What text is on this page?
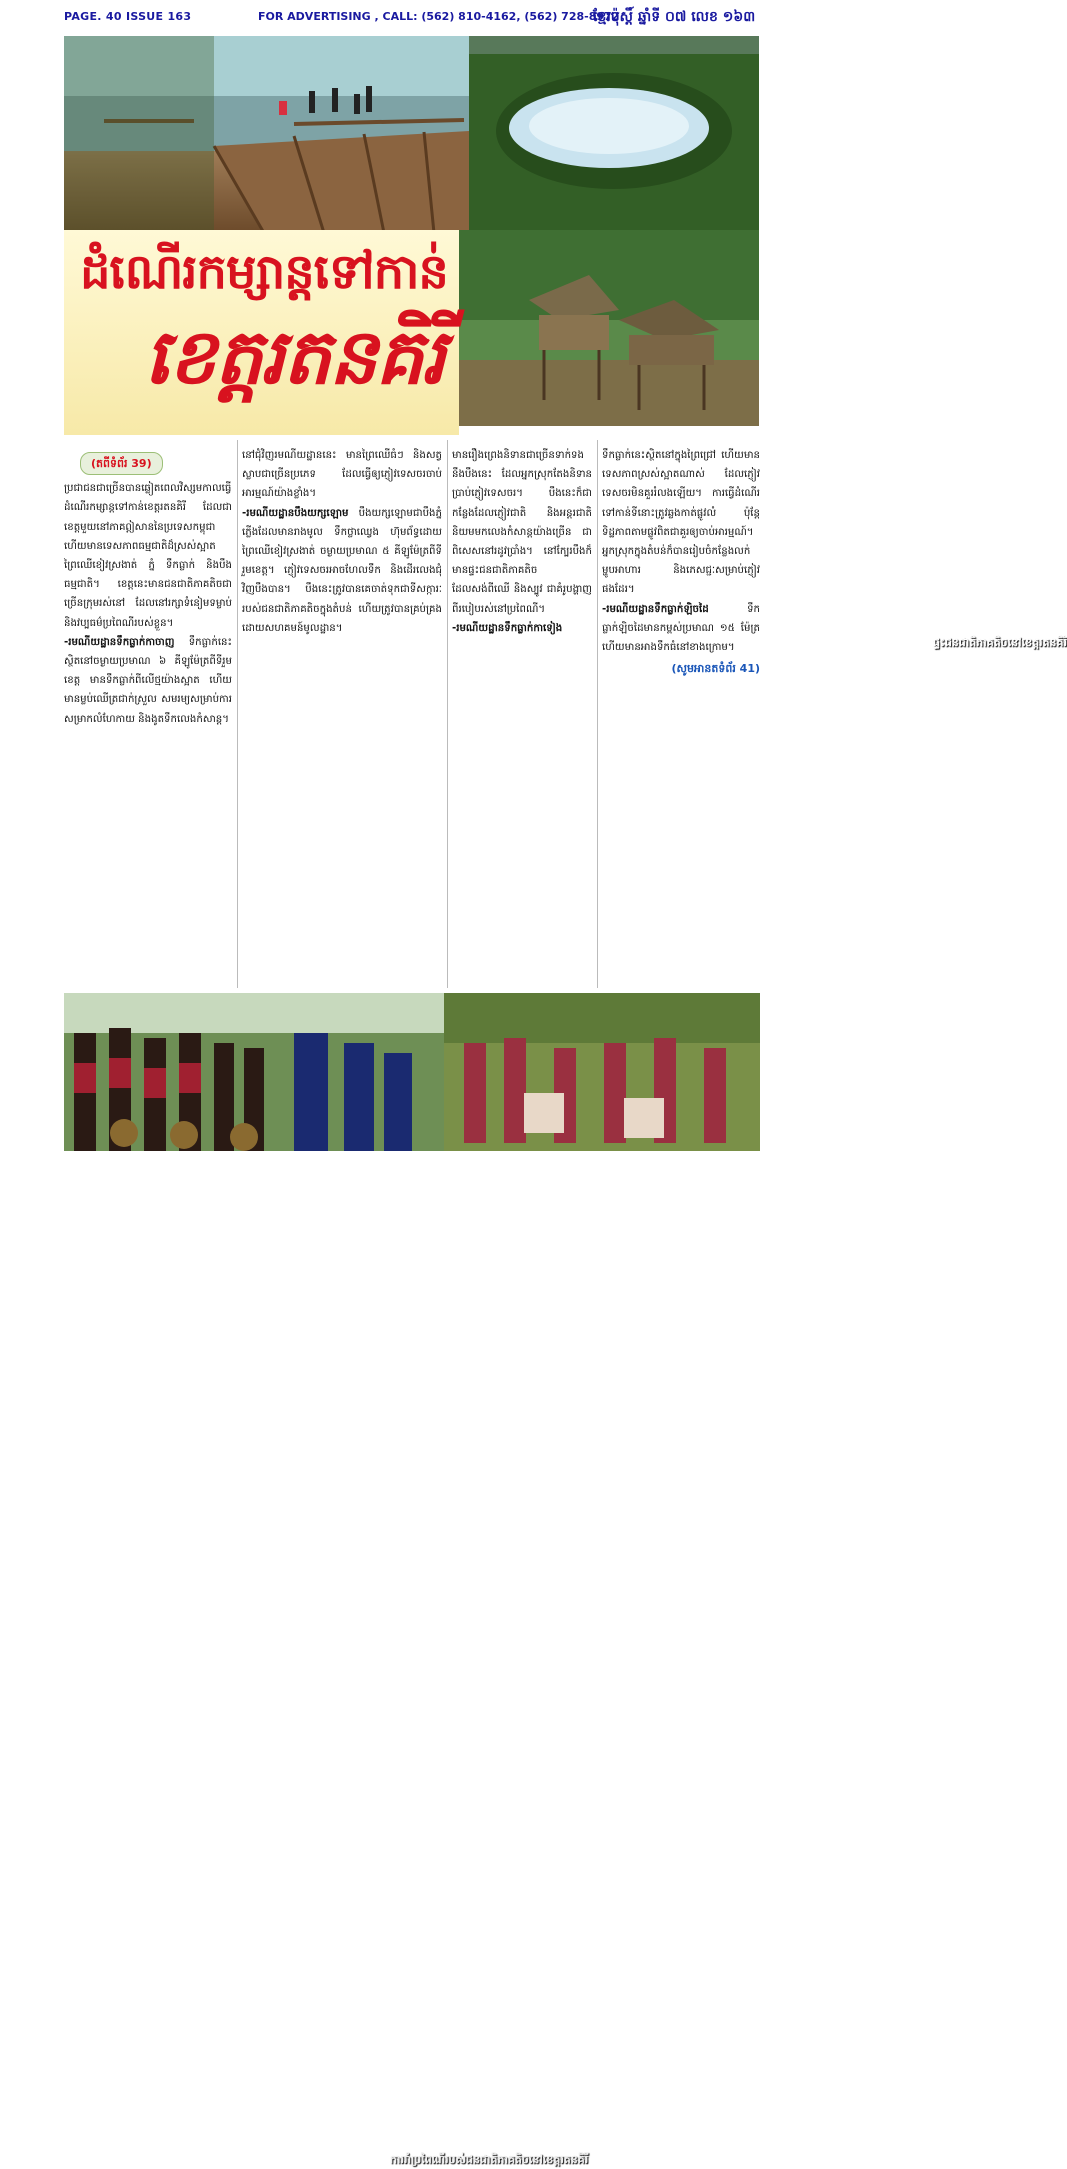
PAGE. 40 ISSUE 163	FOR ADVERTISING , CALL: (562) 810-4162, (562) 728-8972
ខ្មែរប៉ុស្ដិ៍ ឆ្នាំទី ០៧ លេខ ១៦៣
ផ្ទះជនជាតិភាគតិចនៅខេត្តរតនគិរី
ដំណើរកម្សាន្តទៅកាន់
ខេត្តរតនគិរី
(តពីទំព័រ 39)
ប្រជាជនជាច្រើនបានឆ្លៀតពេលវិស្សមកាលធ្វើដំណើរកម្សាន្តទៅកាន់ខេត្តរតនគិរី ដែលជាខេត្តមួយនៅភាគឦសាននៃប្រទេសកម្ពុជា ហើយមានទេសភាពធម្មជាតិដ៏ស្រស់ស្អាត ព្រៃឈើខៀវស្រងាត់ ភ្នំ ទឹកធ្លាក់ និងបឹងធម្មជាតិ។ ខេត្តនេះមានជនជាតិភាគតិចជាច្រើនក្រុមរស់នៅ ដែលនៅរក្សាទំនៀមទម្លាប់ និងវប្បធម៌ប្រពៃណីរបស់ខ្លួន។
-រមណីយដ្ឋានទឹកធ្លាក់កាចាញ ទឹកធ្លាក់នេះស្ថិតនៅចម្ងាយប្រមាណ ៦ គីឡូម៉ែត្រពីទីរួមខេត្ត មានទឹកធ្លាក់ពីលើថ្មយ៉ាងស្អាត ហើយមានម្លប់ឈើត្រជាក់ស្រួល សមរម្យសម្រាប់ការសម្រាកលំហែកាយ និងងូតទឹកលេងកំសាន្ត។
នៅជុំវិញរមណីយដ្ឋាននេះ មានព្រៃឈើធំៗ និងសត្វស្លាបជាច្រើនប្រភេទ ដែលធ្វើឲ្យភ្ញៀវទេសចរចាប់អារម្មណ៍យ៉ាងខ្លាំង។
-រមណីយដ្ឋានបឹងយក្សឡោម បឹងយក្សឡោមជាបឹងភ្នំភ្លើងដែលមានរាងមូល ទឹកថ្លាឈ្វេង ហ៊ុមព័ទ្ធដោយព្រៃឈើខៀវស្រងាត់ ចម្ងាយប្រមាណ ៥ គីឡូម៉ែត្រពីទីរួមខេត្ត។ ភ្ញៀវទេសចរអាចហែលទឹក និងដើរលេងជុំវិញបឹងបាន។ បឹងនេះត្រូវបានគេចាត់ទុកជាទីសក្ការៈរបស់ជនជាតិភាគតិចក្នុងតំបន់ ហើយត្រូវបានគ្រប់គ្រងដោយសហគមន៍មូលដ្ឋាន។
មានរឿងព្រេងនិទានជាច្រើនទាក់ទងនឹងបឹងនេះ ដែលអ្នកស្រុកតែងនិទានប្រាប់ភ្ញៀវទេសចរ។ បឹងនេះក៏ជាកន្លែងដែលភ្ញៀវជាតិ និងអន្តរជាតិនិយមមកលេងកំសាន្តយ៉ាងច្រើន ជាពិសេសនៅរដូវប្រាំង។ នៅក្បែរបឹងក៏មានផ្ទះជនជាតិភាគតិចដែលសង់ពីឈើ និងស្បូវ ជាគំរូបង្ហាញពីរបៀបរស់នៅប្រពៃណី។
-រមណីយដ្ឋានទឹកធ្លាក់កាទៀង
ទឹកធ្លាក់នេះស្ថិតនៅក្នុងព្រៃជ្រៅ ហើយមានទេសភាពស្រស់ស្អាតណាស់ ដែលភ្ញៀវទេសចរមិនគួររំលងឡើយ។ ការធ្វើដំណើរទៅកាន់ទីនោះត្រូវឆ្លងកាត់ផ្លូវលំ ប៉ុន្តែទិដ្ឋភាពតាមផ្លូវពិតជាគួរឲ្យចាប់អារម្មណ៍។ អ្នកស្រុកក្នុងតំបន់ក៏បានរៀបចំកន្លែងលក់ម្ហូបអាហារ និងភេសជ្ជៈសម្រាប់ភ្ញៀវផងដែរ។
-រមណីយដ្ឋានទឹកធ្លាក់ឡិចដៃ	ទឹកធ្លាក់ឡិចដៃមានកម្ពស់ប្រមាណ ១៥ ម៉ែត្រ ហើយមានអាងទឹកធំនៅខាងក្រោម។
(សូមអានតទំព័រ 41)
ការរាំប្រពៃណីរបស់ជនជាតិភាគតិចនៅខេត្តរតនគិរី
